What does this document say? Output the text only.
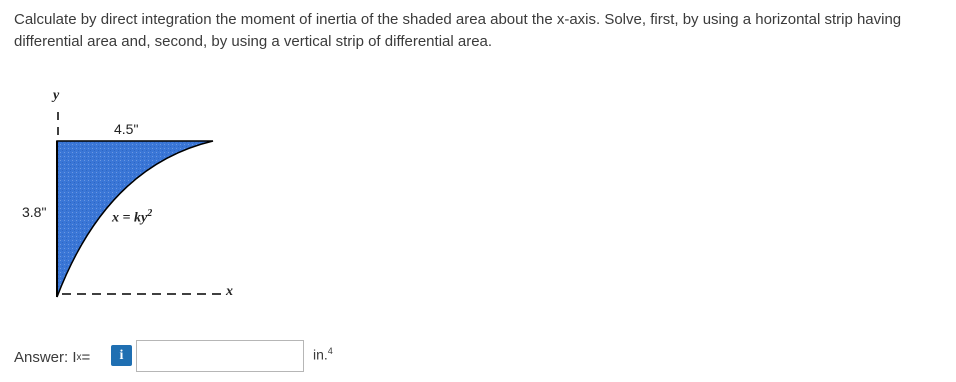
Calculate by direct integration the moment of inertia of the shaded area about the x-axis. Solve, first, by using a horizontal strip having differential area and, second, by using a vertical strip of differential area.
y
x
4.5"
3.8"	$x = ky^2$
Answer: I x =	i	in.$^4$
